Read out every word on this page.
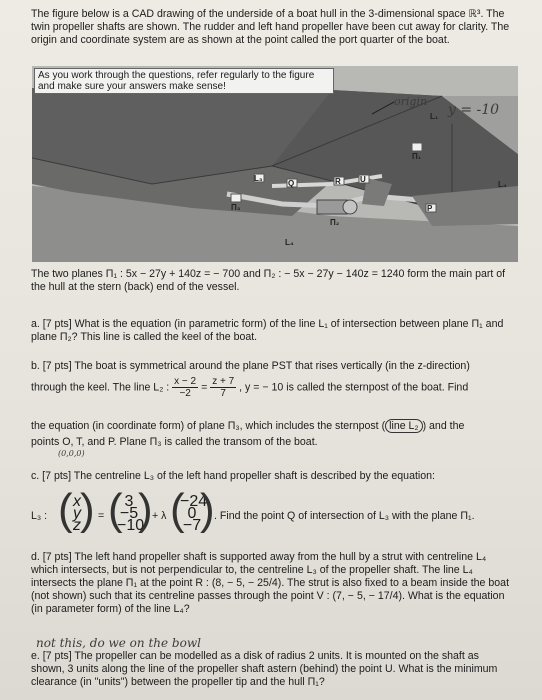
The figure below is a CAD drawing of the underside of a boat hull in the 3-dimensional space ℝ³. The twin propeller shafts are shown. The rudder and left hand propeller have been cut away for clarity. The origin and coordinate system are as shown at the point called the port quarter of the boat.
As you work through the questions, refer regularly to the figure and make sure your answers make sense!
origin
y = -10
Π₃
Π₁
L₃
Q	R U
P
Π₂
L₄
L₁
L₄
The two planes Π₁ : 5x − 27y + 140z = − 700 and Π₂ : − 5x − 27y − 140z = 1240 form the main part of the hull at the stern (back) end of the vessel.
a. [7 pts] What is the equation (in parametric form) of the line L₁ of intersection between plane Π₁ and plane Π₂? This line is called the keel of the boat.
b. [7 pts] The boat is symmetrical around the plane PST that rises vertically (in the z-direction)
through the keel. The line L₂ : $\frac{x - 2}{-2} = \frac{z + 7}{7}$ , y = − 10 is called the sternpost of the boat. Find
the equation (in coordinate form) of plane Π₃, which includes the sternpost ( line L₂ ) and the
points O, T, and P. Plane Π₃ is called the transom of the boat.
(0,0,0)
c. [7 pts] The centreline L₃ of the left hand propeller shaft is described by the equation:
L₃ : ( x
y
z ) = ( 3
−5
−10
) + λ (
−24
0
−7
) . Find the point Q of intersection of L₃ with the plane Π₁.
d. [7 pts] The left hand propeller shaft is supported away from the hull by a strut with centreline L₄ which intersects, but is not perpendicular to, the centreline L₃ of the propeller shaft. The line L₄ intersects the plane Π₁ at the point R : (8, − 5, − 25/4). The strut is also fixed to a beam inside the boat (not shown) such that its centreline passes through the point V : (7, − 5, − 17/4). What is the equation (in parameter form) of the line L₄?
not this, do we on the bowl
e. [7 pts] The propeller can be modelled as a disk of radius 2 units. It is mounted on the shaft as shown, 3 units along the line of the propeller shaft astern (behind) the point U. What is the minimum clearance (in "units") between the propeller tip and the hull Π₁?
